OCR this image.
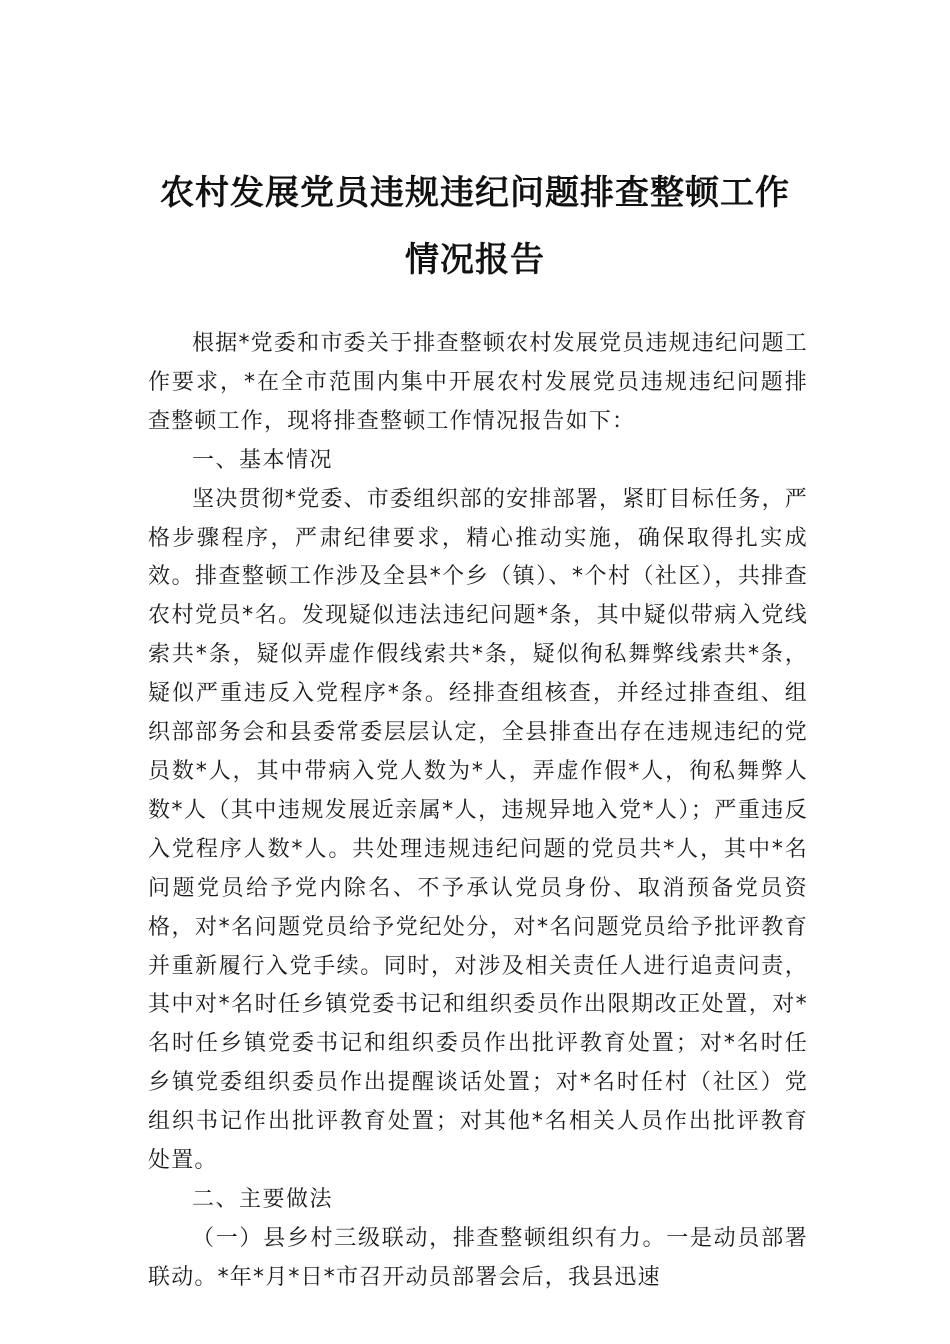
农村发展党员违规违纪问题排查整顿工作
情况报告

根据*党委和市委关于排查整顿农村发展党员违规违纪问题工作要求，*在全市范围内集中开展农村发展党员违规违纪问题排查整顿工作，现将排查整顿工作情况报告如下：

一、基本情况

坚决贯彻*党委、市委组织部的安排部署，紧盯目标任务，严格步骤程序，严肃纪律要求，精心推动实施，确保取得扎实成效。排查整顿工作涉及全县*个乡（镇）、*个村（社区），共排查农村党员*名。发现疑似违法违纪问题*条，其中疑似带病入党线索共*条，疑似弄虚作假线索共*条，疑似徇私舞弊线索共*条，疑似严重违反入党程序*条。经排查组核查，并经过排查组、组织部部务会和县委常委层层认定，全县排查出存在违规违纪的党员数*人，其中带病入党人数为*人，弄虚作假*人，徇私舞弊人数*人（其中违规发展近亲属*人，违规异地入党*人）；严重违反入党程序人数*人。共处理违规违纪问题的党员共*人，其中*名问题党员给予党内除名、不予承认党员身份、取消预备党员资格，对*名问题党员给予党纪处分，对*名问题党员给予批评教育并重新履行入党手续。同时，对涉及相关责任人进行追责问责，其中对*名时任乡镇党委书记和组织委员作出限期改正处置，对*名时任乡镇党委书记和组织委员作出批评教育处置；对*名时任乡镇党委组织委员作出提醒谈话处置；对*名时任村（社区）党组织书记作出批评教育处置；对其他*名相关人员作出批评教育处置。

二、主要做法

（一）县乡村三级联动，排查整顿组织有力。一是动员部署联动。*年*月*日*市召开动员部署会后，我县迅速
